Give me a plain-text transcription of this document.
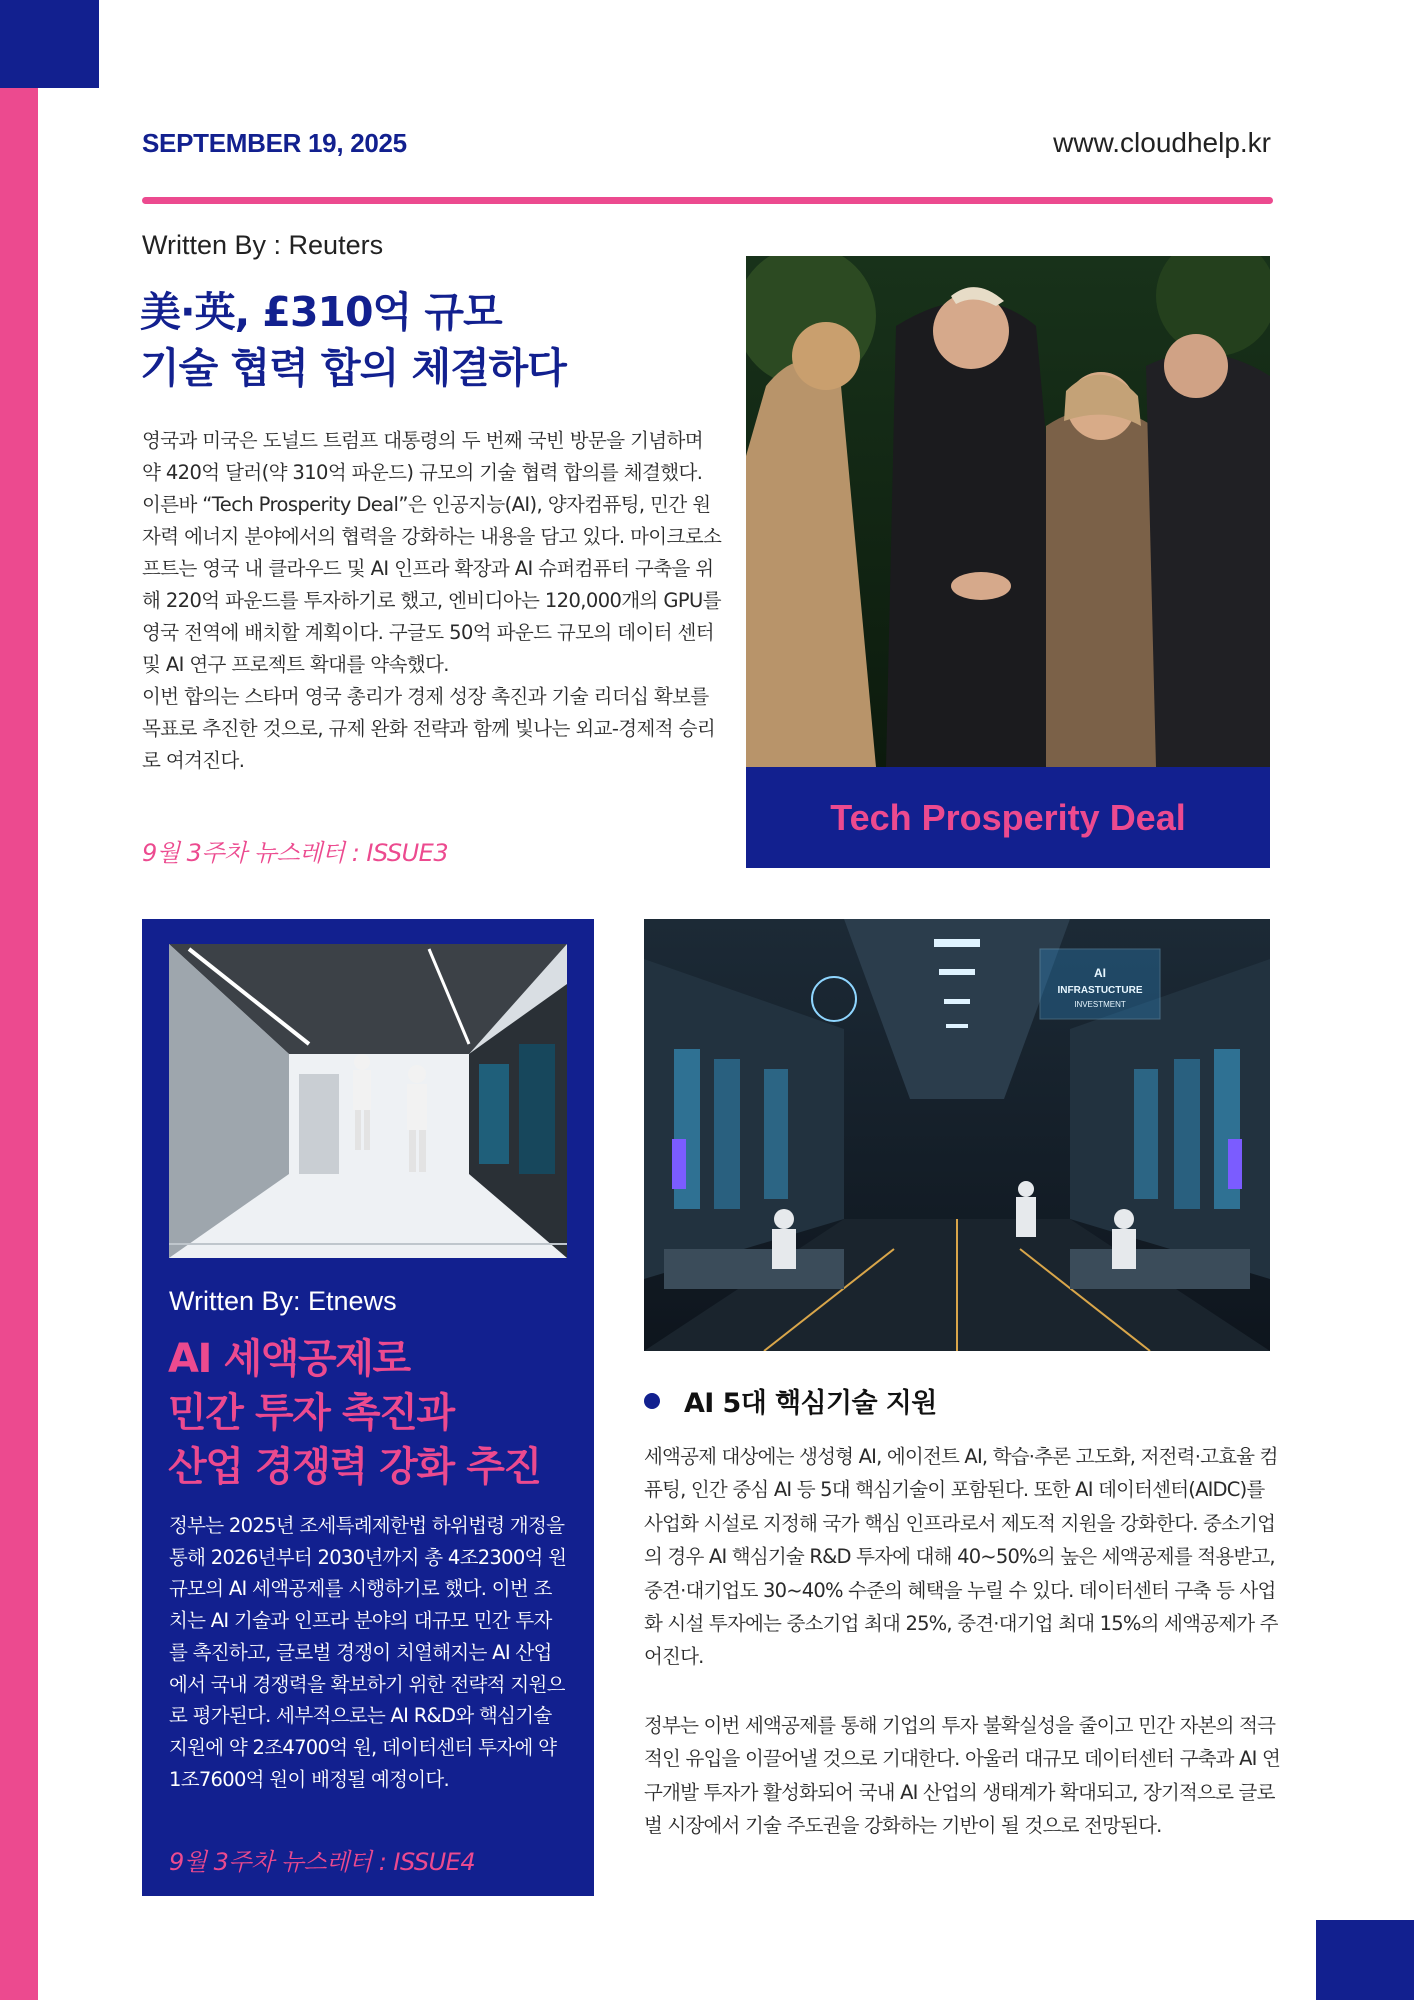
SEPTEMBER 19, 2025	www.cloudhelp.kr
Written By : Reuters
美·英, £310억 규모
기술 협력 합의 체결하다

영국과 미국은 도널드 트럼프 대통령의 두 번째 국빈 방문을 기념하며 약 420억 달러(약 310억 파운드) 규모의 기술 협력 합의를 체결했다. 이른바 “Tech Prosperity Deal”은 인공지능(AI), 양자컴퓨팅, 민간 원자력 에너지 분야에서의 협력을 강화하는 내용을 담고 있다. 마이크로소프트는 영국 내 클라우드 및 AI 인프라 확장과 AI 슈퍼컴퓨터 구축을 위해 220억 파운드를 투자하기로 했고, 엔비디아는 120,000개의 GPU를 영국 전역에 배치할 계획이다. 구글도 50억 파운드 규모의 데이터 센터 및 AI 연구 프로젝트 확대를 약속했다.
이번 합의는 스타머 영국 총리가 경제 성장 촉진과 기술 리더십 확보를 목표로 추진한 것으로, 규제 완화 전략과 함께 빛나는 외교-경제적 승리로 여겨진다.

9월 3주차 뉴스레터 : ISSUE3
Tech Prosperity Deal
Written By: Etnews
AI 세액공제로
민간 투자 촉진과
산업 경쟁력 강화 추진

정부는 2025년 조세특례제한법 하위법령 개정을 통해 2026년부터 2030년까지 총 4조2300억 원 규모의 AI 세액공제를 시행하기로 했다. 이번 조치는 AI 기술과 인프라 분야의 대규모 민간 투자를 촉진하고, 글로벌 경쟁이 치열해지는 AI 산업에서 국내 경쟁력을 확보하기 위한 전략적 지원으로 평가된다. 세부적으로는 AI R&D와 핵심기술 지원에 약 2조4700억 원, 데이터센터 투자에 약 1조7600억 원이 배정될 예정이다.

9월 3주차 뉴스레터 : ISSUE4
AI
INFRASTUCTURE
INVESTMENT
AI 5대 핵심기술 지원

세액공제 대상에는 생성형 AI, 에이전트 AI, 학습·추론 고도화, 저전력·고효율 컴퓨팅, 인간 중심 AI 등 5대 핵심기술이 포함된다. 또한 AI 데이터센터(AIDC)를 사업화 시설로 지정해 국가 핵심 인프라로서 제도적 지원을 강화한다. 중소기업의 경우 AI 핵심기술 R&D 투자에 대해 40~50%의 높은 세액공제를 적용받고, 중견·대기업도 30~40% 수준의 혜택을 누릴 수 있다. 데이터센터 구축 등 사업화 시설 투자에는 중소기업 최대 25%, 중견·대기업 최대 15%의 세액공제가 주어진다.

정부는 이번 세액공제를 통해 기업의 투자 불확실성을 줄이고 민간 자본의 적극적인 유입을 이끌어낼 것으로 기대한다. 아울러 대규모 데이터센터 구축과 AI 연구개발 투자가 활성화되어 국내 AI 산업의 생태계가 확대되고, 장기적으로 글로벌 시장에서 기술 주도권을 강화하는 기반이 될 것으로 전망된다.
